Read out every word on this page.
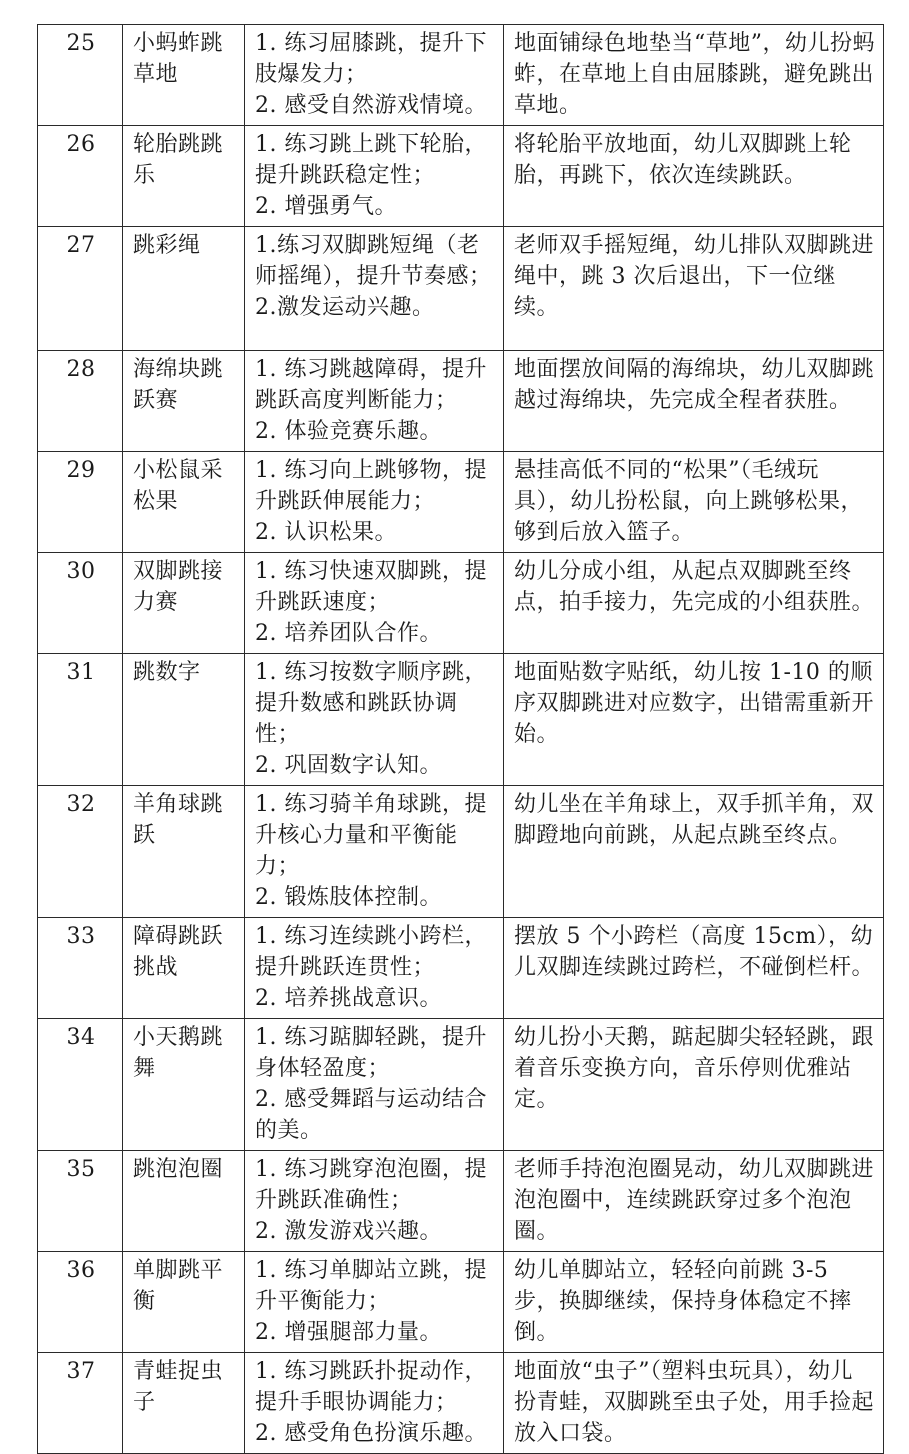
25	小蚂蚱跳草地	1. 练习屈膝跳，提升下肢爆发力；
2. 感受自然游戏情境。	地面铺绿色地垫当“草地”，幼儿扮蚂蚱，在草地上自由屈膝跳，避免跳出草地。
26	轮胎跳跳乐	1. 练习跳上跳下轮胎，提升跳跃稳定性；
2. 增强勇气。	将轮胎平放地面，幼儿双脚跳上轮胎，再跳下，依次连续跳跃。
27	跳彩绳	1.练习双脚跳短绳（老师摇绳），提升节奏感；
2.激发运动兴趣。	老师双手摇短绳，幼儿排队双脚跳进绳中，跳 3 次后退出，下一位继续。
28	海绵块跳跃赛	1. 练习跳越障碍，提升跳跃高度判断能力；
2. 体验竞赛乐趣。	地面摆放间隔的海绵块，幼儿双脚跳越过海绵块，先完成全程者获胜。
29	小松鼠采松果	1. 练习向上跳够物，提升跳跃伸展能力；
2. 认识松果。	悬挂高低不同的“松果”（毛绒玩具），幼儿扮松鼠，向上跳够松果，够到后放入篮子。
30	双脚跳接力赛	1. 练习快速双脚跳，提升跳跃速度；
2. 培养团队合作。	幼儿分成小组，从起点双脚跳至终点，拍手接力，先完成的小组获胜。
31	跳数字	1. 练习按数字顺序跳，提升数感和跳跃协调性；
2. 巩固数字认知。	地面贴数字贴纸，幼儿按 1-10 的顺序双脚跳进对应数字，出错需重新开始。
32	羊角球跳跃	1. 练习骑羊角球跳，提升核心力量和平衡能力；
2. 锻炼肢体控制。	幼儿坐在羊角球上，双手抓羊角，双脚蹬地向前跳，从起点跳至终点。
33	障碍跳跃挑战	1. 练习连续跳小跨栏，提升跳跃连贯性；
2. 培养挑战意识。	摆放 5 个小跨栏（高度 15cm），幼儿双脚连续跳过跨栏，不碰倒栏杆。
34	小天鹅跳舞	1. 练习踮脚轻跳，提升身体轻盈度；
2. 感受舞蹈与运动结合的美。	幼儿扮小天鹅，踮起脚尖轻轻跳，跟着音乐变换方向，音乐停则优雅站定。
35	跳泡泡圈	1. 练习跳穿泡泡圈，提升跳跃准确性；
2. 激发游戏兴趣。	老师手持泡泡圈晃动，幼儿双脚跳进泡泡圈中，连续跳跃穿过多个泡泡圈。
36	单脚跳平衡	1. 练习单脚站立跳，提升平衡能力；
2. 增强腿部力量。	幼儿单脚站立，轻轻向前跳 3-5 步，换脚继续，保持身体稳定不摔倒。
37	青蛙捉虫子	1. 练习跳跃扑捉动作，提升手眼协调能力；
2. 感受角色扮演乐趣。	地面放“虫子”（塑料虫玩具），幼儿扮青蛙，双脚跳至虫子处，用手捡起放入口袋。
